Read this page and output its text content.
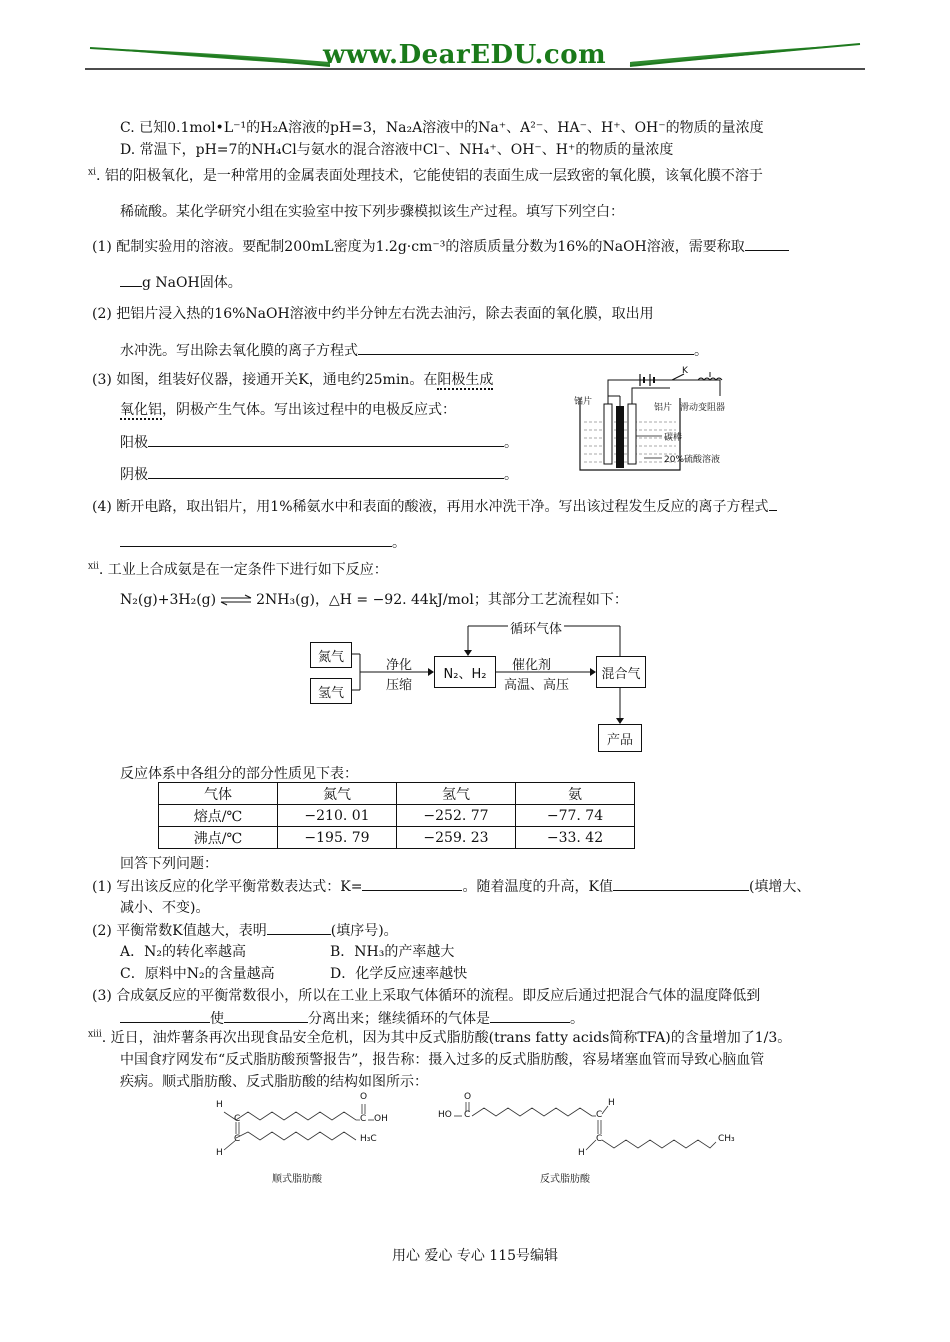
www.DearEDU.com
C. 已知0.1mol•L⁻¹的H₂A溶液的pH=3，Na₂A溶液中的Na⁺、A²⁻、HA⁻、H⁺、OH⁻的物质的量浓度
D. 常温下，pH=7的NH₄Cl与氨水的混合溶液中Cl⁻、NH₄⁺、OH⁻、H⁺的物质的量浓度
$^{xi}$. 铝的阳极氧化，是一种常用的金属表面处理技术，它能使铝的表面生成一层致密的氧化膜，该氧化膜不溶于
稀硫酸。某化学研究小组在实验室中按下列步骤模拟该生产过程。填写下列空白：
(1) 配制实验用的溶液。要配制200mL密度为1.2g·cm⁻³的溶质质量分数为16%的NaOH溶液，需要称取
g NaOH固体。
(2) 把铝片浸入热的16%NaOH溶液中约半分钟左右洗去油污，除去表面的氧化膜，取出用
水冲洗。写出除去氧化膜的离子方程式	。
(3) 如图，组装好仪器，接通开关K，通电约25min。在阳极生成
氧化铝，阴极产生气体。写出该过程中的电极反应式：
阳极	。
阴极	。
K
铝片
铝片 滑动变阻器
碳棒
20%硫酸溶液
(4) 断开电路，取出铝片，用1%稀氨水中和表面的酸液，再用水冲洗干净。写出该过程发生反应的离子方程式
。
$^{xii}$. 工业上合成氨是在一定条件下进行如下反应：
N₂(g)+3H₂(g) ⇌ 2NH₃(g)，△H = −92. 44kJ/mol；其部分工艺流程如下：
氮气
氢气
净化
压缩
N₂、H₂
催化剂
高温、高压
混合气
循环气体
产品
反应体系中各组分的部分性质见下表：
气体	氮气	氢气	氨
熔点/℃	−210. 01	−252. 77	−77. 74
沸点/℃	−195. 79	−259. 23	−33. 42
回答下列问题：
(1) 写出该反应的化学平衡常数表达式：K=	。随着温度的升高，K值	(填增大、
减小、不变)。
(2) 平衡常数K值越大，表明	(填序号)。
A．N₂的转化率越高	B．NH₃的产率越大
C．原料中N₂的含量越高	D．化学反应速率越快
(3) 合成氨反应的平衡常数很小，所以在工业上采取气体循环的流程。即反应后通过把混合气体的温度降低到
使	分离出来；继续循环的气体是	。
$^{xiii}$. 近日，油炸薯条再次出现食品安全危机，因为其中反式脂肪酸(trans fatty acids简称TFA)的含量增加了1/3。
中国食疗网发布“反式脂肪酸预警报告”，报告称：摄入过多的反式脂肪酸，容易堵塞血管而导致心脑血管
疾病。顺式脂肪酸、反式脂肪酸的结构如图所示：
H
C
C
H
O
C OH
H₃C
顺式脂肪酸
HO
O
C
H
C
C
H
CH₃
反式脂肪酸
用心 爱心 专心 115号编辑
